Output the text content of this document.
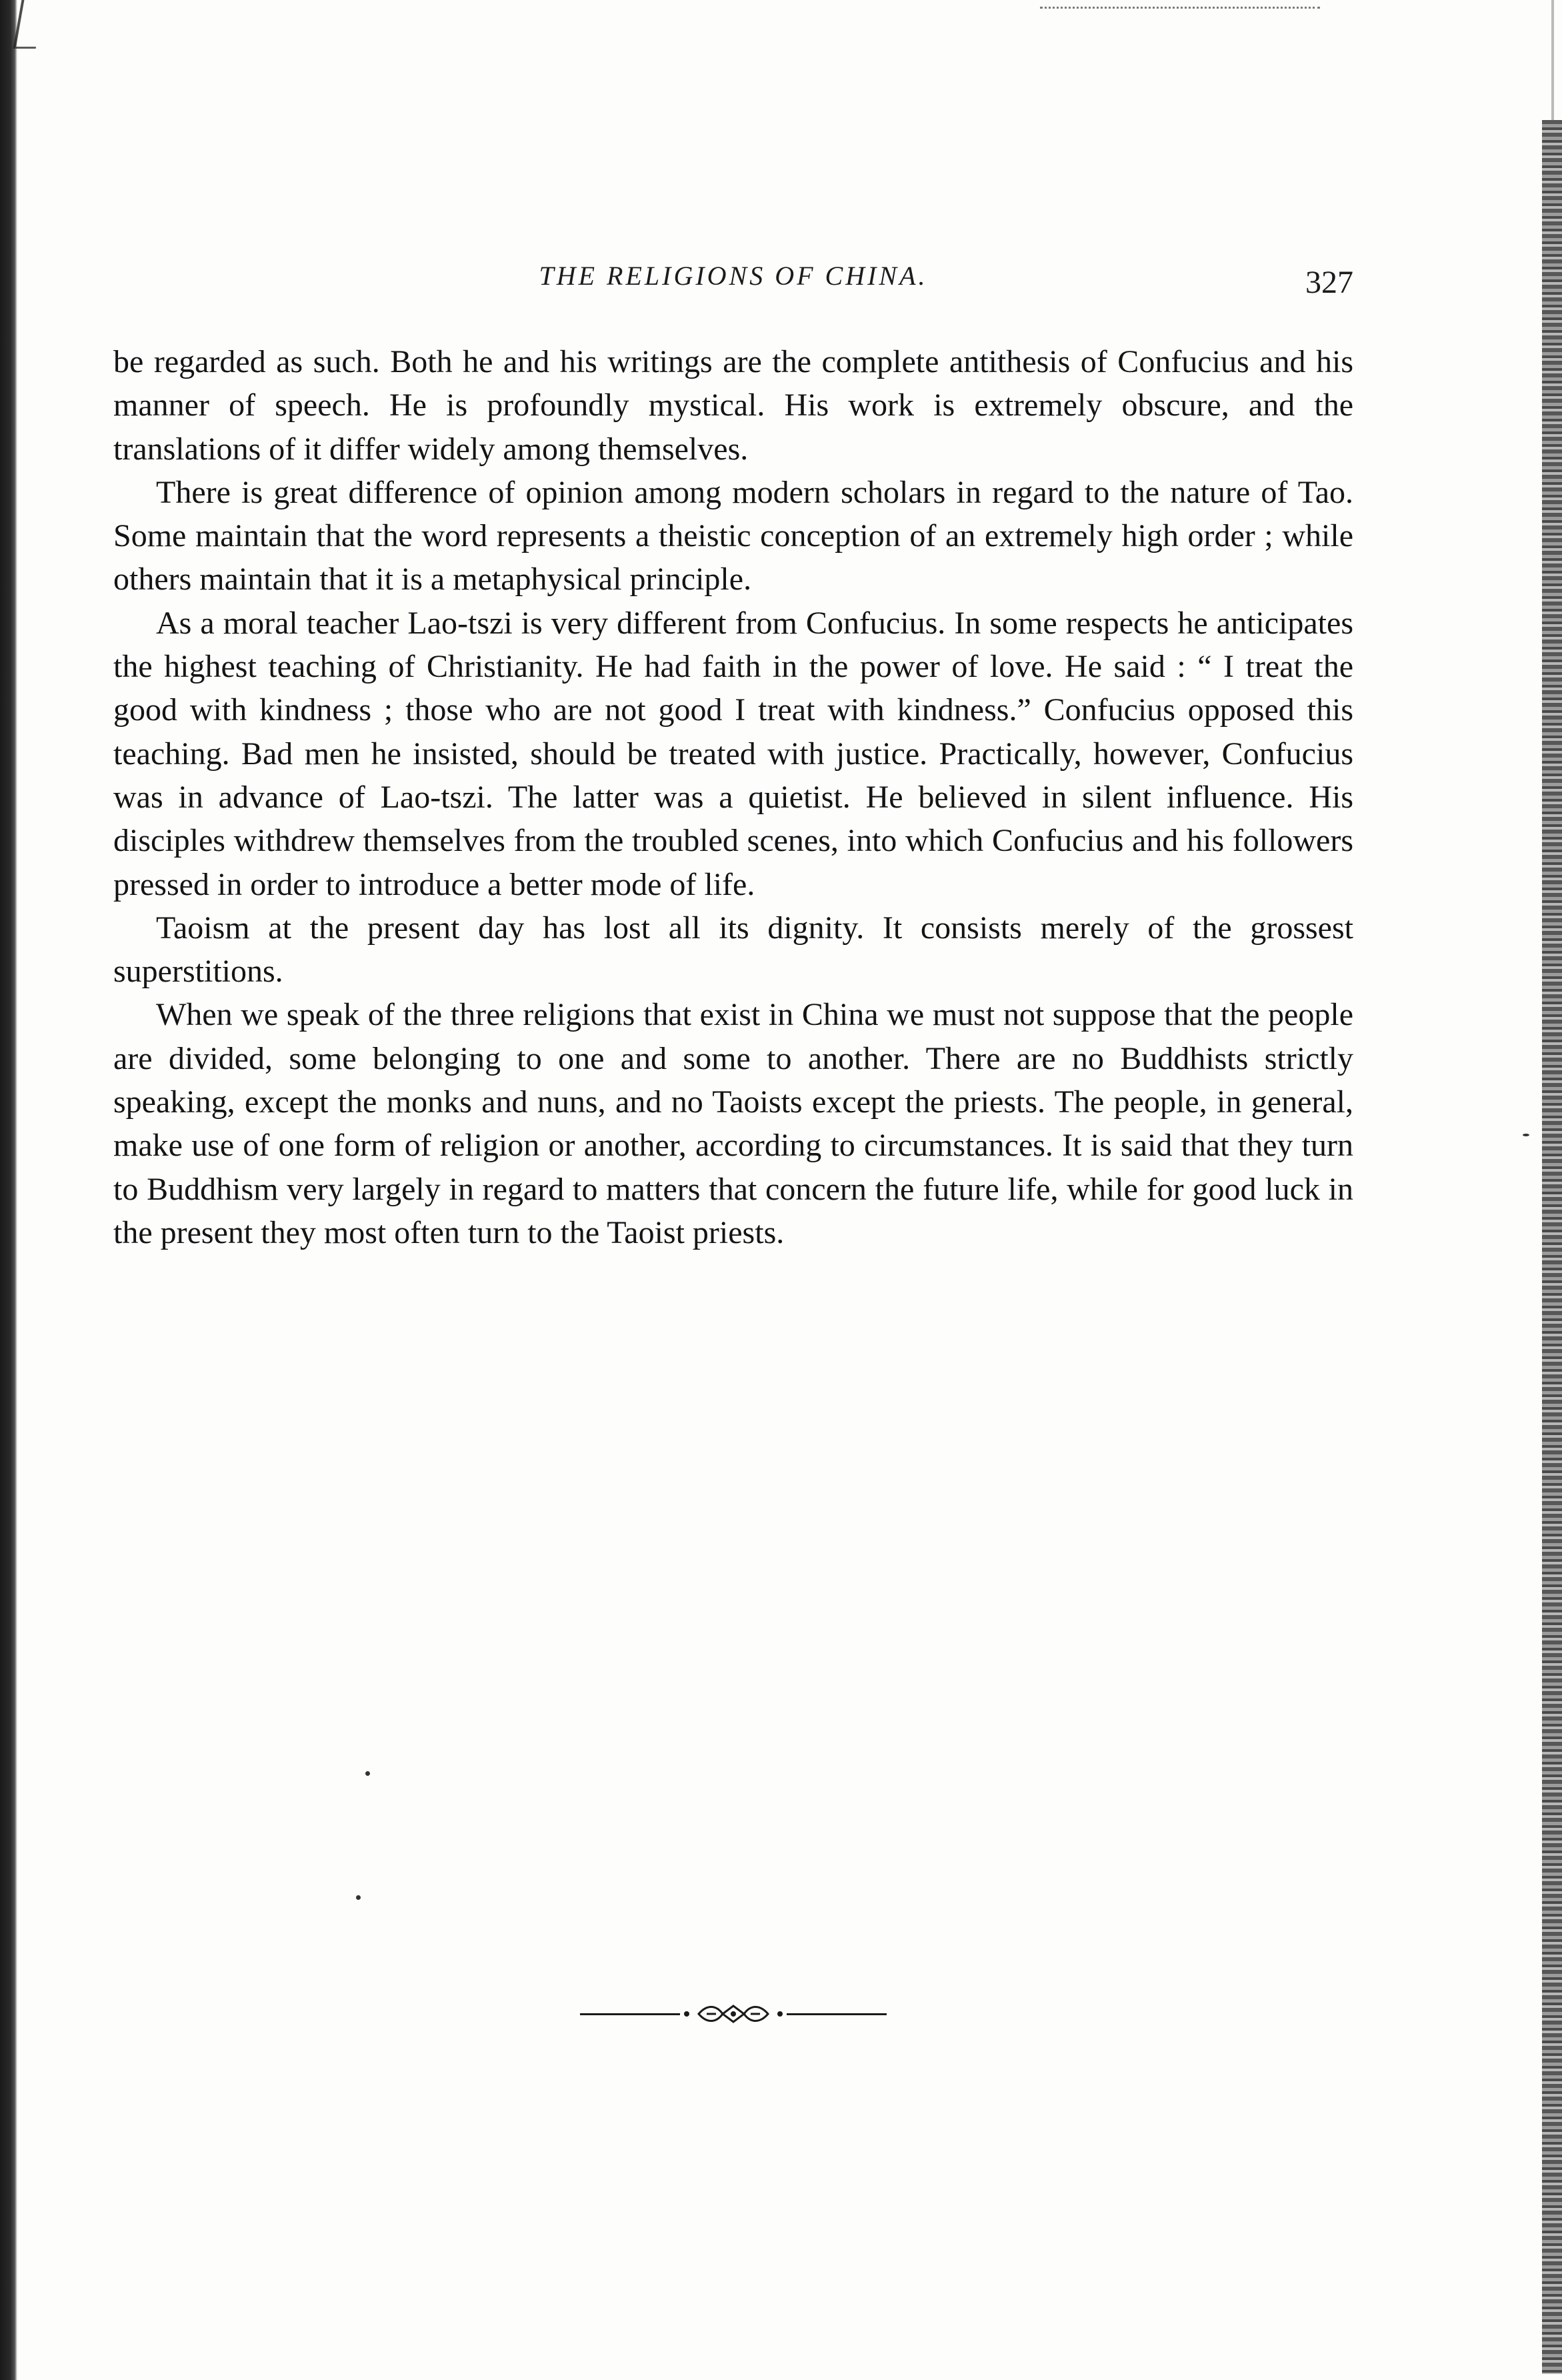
THE RELIGIONS OF CHINA.	327

be regarded as such. Both he and his writings are the complete antithesis of Confucius and his manner of speech. He is profoundly mystical. His work is extremely obscure, and the translations of it differ widely among themselves.

There is great difference of opinion among modern scholars in regard to the nature of Tao. Some maintain that the word represents a theistic conception of an extremely high order ; while others maintain that it is a metaphysical principle.

As a moral teacher Lao-tszi is very different from Confucius. In some respects he anticipates the highest teaching of Christianity. He had faith in the power of love. He said : “ I treat the good with kindness ; those who are not good I treat with kindness.” Confucius opposed this teaching. Bad men he insisted, should be treated with justice. Practically, however, Confucius was in advance of Lao-tszi. The latter was a quietist. He believed in silent influence. His disciples withdrew themselves from the troubled scenes, into which Confucius and his followers pressed in order to introduce a better mode of life.

Taoism at the present day has lost all its dignity. It consists merely of the grossest superstitions.

When we speak of the three religions that exist in China we must not suppose that the people are divided, some belonging to one and some to another. There are no Buddhists strictly speaking, except the monks and nuns, and no Taoists except the priests. The people, in general, make use of one form of religion or another, according to circumstances. It is said that they turn to Buddhism very largely in regard to matters that concern the future life, while for good luck in the present they most often turn to the Taoist priests.
